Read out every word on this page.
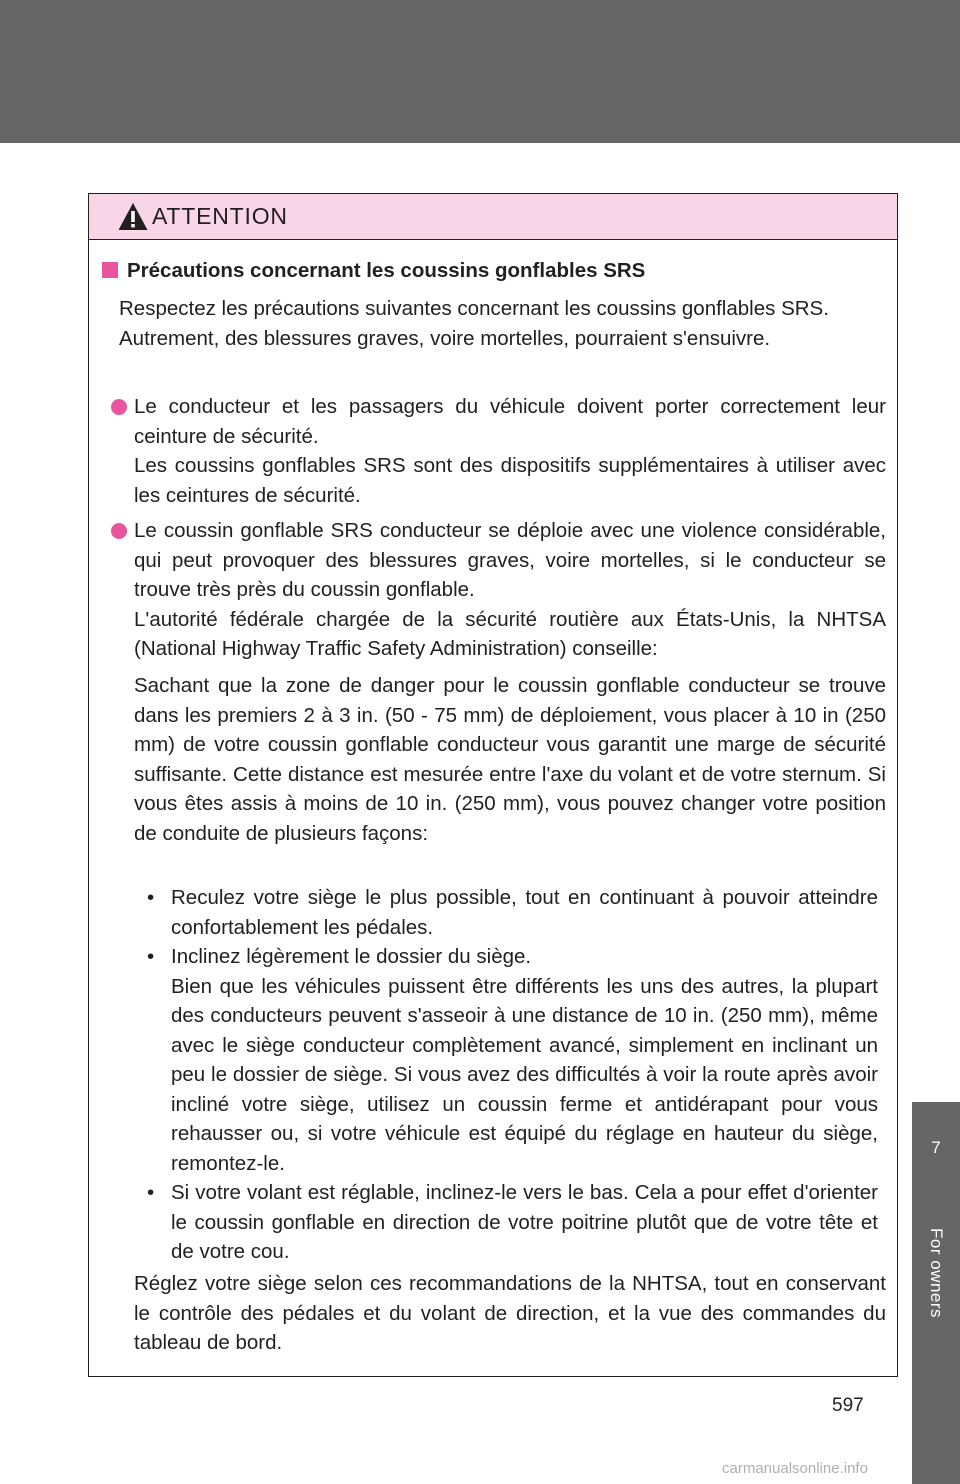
ATTENTION
Précautions concernant les coussins gonflables SRS
Respectez les précautions suivantes concernant les coussins gonflables SRS.
Autrement, des blessures graves, voire mortelles, pourraient s'ensuivre.
Le conducteur et les passagers du véhicule doivent porter correctement leur ceinture de sécurité.
Les coussins gonflables SRS sont des dispositifs supplémentaires à utiliser avec les ceintures de sécurité.
Le coussin gonflable SRS conducteur se déploie avec une violence considérable, qui peut provoquer des blessures graves, voire mortelles, si le conducteur se trouve très près du coussin gonflable.
L'autorité fédérale chargée de la sécurité routière aux États-Unis, la NHTSA (National Highway Traffic Safety Administration) conseille:
Sachant que la zone de danger pour le coussin gonflable conducteur se trouve dans les premiers 2 à 3 in. (50 - 75 mm) de déploiement, vous placer à 10 in (250 mm) de votre coussin gonflable conducteur vous garantit une marge de sécurité suffisante. Cette distance est mesurée entre l'axe du volant et de votre sternum. Si vous êtes assis à moins de 10 in. (250 mm), vous pouvez changer votre position de conduite de plusieurs façons:
• Reculez votre siège le plus possible, tout en continuant à pouvoir atteindre confortablement les pédales.
• Inclinez légèrement le dossier du siège.
Bien que les véhicules puissent être différents les uns des autres, la plupart des conducteurs peuvent s'asseoir à une distance de 10 in. (250 mm), même avec le siège conducteur complètement avancé, simplement en inclinant un peu le dossier de siège. Si vous avez des difficultés à voir la route après avoir incliné votre siège, utilisez un coussin ferme et antidérapant pour vous rehausser ou, si votre véhicule est équipé du réglage en hauteur du siège, remontez-le.
• Si votre volant est réglable, inclinez-le vers le bas. Cela a pour effet d'orienter le coussin gonflable en direction de votre poitrine plutôt que de votre tête et de votre cou.
Réglez votre siège selon ces recommandations de la NHTSA, tout en conservant le contrôle des pédales et du volant de direction, et la vue des commandes du tableau de bord.
7
For owners
597
carmanualsonline.info
